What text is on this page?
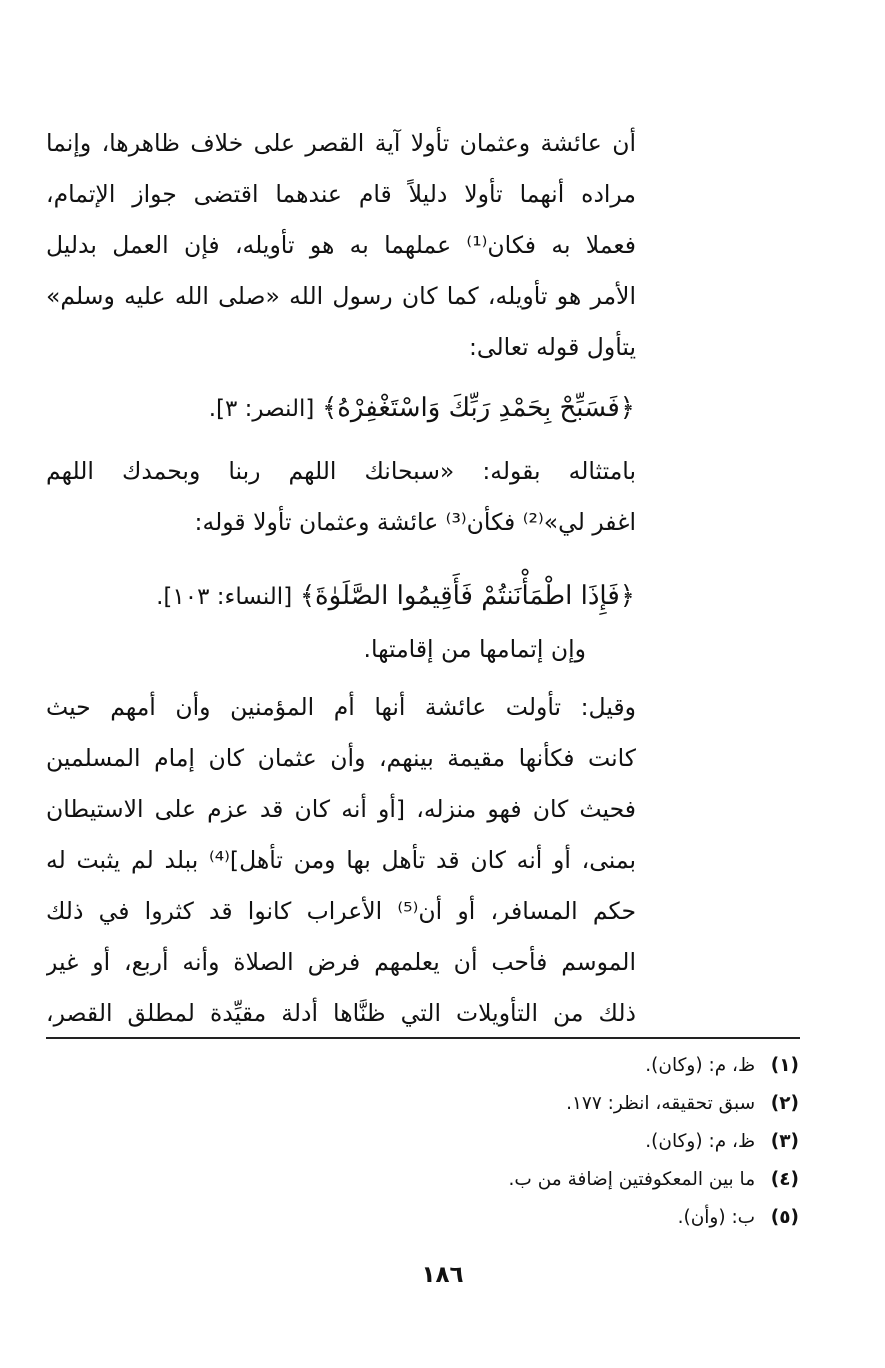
أن عائشة وعثمان تأولا آية القصر على خلاف ظاهرها، وإنما
مراده أنهما تأولا دليلاً قام عندهما اقتضى جواز الإتمام،
فعملا به فكان⁽¹⁾ عملهما به هو تأويله، فإن العمل بدليل
الأمر هو تأويله، كما كان رسول الله «صلى الله عليه وسلم»
يتأول قوله تعالى:
﴿فَسَبِّحْ بِحَمْدِ رَبِّكَ وَاسْتَغْفِرْهُ﴾ [النصر: ٣].
بامتثاله بقوله: «سبحانك اللهم ربنا وبحمدك اللهم
اغفر لي»⁽²⁾ فكأن⁽³⁾ عائشة وعثمان تأولا قوله:
﴿فَإِذَا اطْمَأْنَنتُمْ فَأَقِيمُوا الصَّلَوٰةَ﴾ [النساء: ١٠٣].
وإن إتمامها من إقامتها.
وقيل: تأولت عائشة أنها أم المؤمنين وأن أمهم حيث
كانت فكأنها مقيمة بينهم، وأن عثمان كان إمام المسلمين
فحيث كان فهو منزله، [أو أنه كان قد عزم على الاستيطان
بمنى، أو أنه كان قد تأهل بها ومن تأهل]⁽⁴⁾ ببلد لم يثبت له
حكم المسافر، أو أن⁽⁵⁾ الأعراب كانوا قد كثروا في ذلك
الموسم فأحب أن يعلمهم فرض الصلاة وأنه أربع، أو غير
ذلك من التأويلات التي ظنَّاها أدلة مقيِّدة لمطلق القصر،
(١) ظ، م: (وكان).
(٢) سبق تحقيقه، انظر: ١٧٧.
(٣) ظ، م: (وكان).
(٤) ما بين المعكوفتين إضافة من ب.
(٥) ب: (وأن).
١٨٦
